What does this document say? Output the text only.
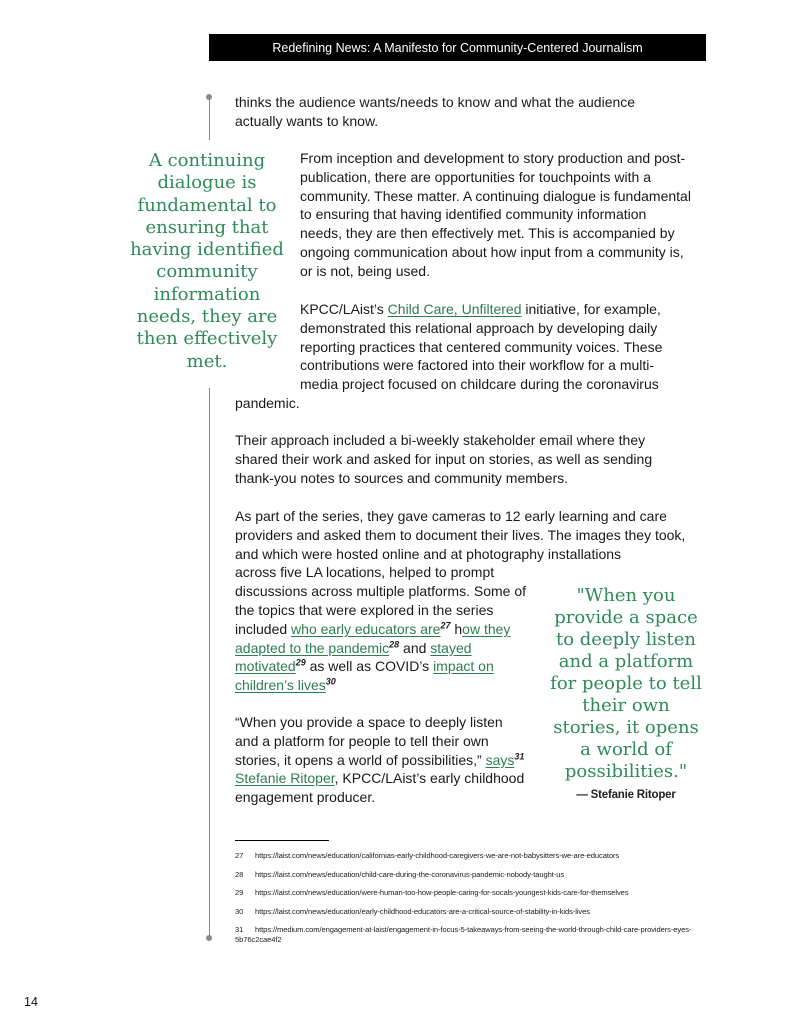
Redefining News: A Manifesto for Community-Centered Journalism

thinks the audience wants/needs to know and what the audience actually wants to know.

A continuing dialogue is fundamental to ensuring that having identified community information needs, they are then effectively met.

From inception and development to story production and post-publication, there are opportunities for touchpoints with a community. These matter. A continuing dialogue is fundamental to ensuring that having identified community information needs, they are then effectively met. This is accompanied by ongoing communication about how input from a community is, or is not, being used.

KPCC/LAist’s Child Care, Unfiltered initiative, for example, demonstrated this relational approach by developing daily reporting practices that centered community voices. These contributions were factored into their workflow for a multi-media project focused on childcare during the coronavirus

pandemic.

Their approach included a bi-weekly stakeholder email where they shared their work and asked for input on stories, as well as sending thank-you notes to sources and community members.

As part of the series, they gave cameras to 12 early learning and care providers and asked them to document their lives. The images they took, and which were hosted online and at photography installations

across five LA locations, helped to prompt discussions across multiple platforms. Some of the topics that were explored in the series included who early educators are$^{27}$ how they adapted to the pandemic$^{28}$ and stayed motivated$^{29}$ as well as COVID’s impact on children’s lives$^{30}$

“When you provide a space to deeply listen and a platform for people to tell their own stories, it opens a world of possibilities,” says$^{31}$ Stefanie Ritoper, KPCC/LAist’s early childhood engagement producer.

"When you provide a space to deeply listen and a platform for people to tell their own stories, it opens a world of possibilities."
— Stefanie Ritoper
27 https://laist.com/news/education/californias-early-childhood-caregivers-we-are-not-babysitters-we-are-educators
28 https://laist.com/news/education/child-care-during-the-coronavirus-pandemic-nobody-taught-us
29 https://laist.com/news/education/were-human-too-how-people-caring-for-socals-youngest-kids-care-for-themselves
30 https://laist.com/news/education/early-childhood-educators-are-a-critical-source-of-stability-in-kids-lives
31 https://medium.com/engagement-at-laist/engagement-in-focus-5-takeaways-from-seeing-the-world-through-child-care-providers-eyes-5b76c2cae4f2
14
